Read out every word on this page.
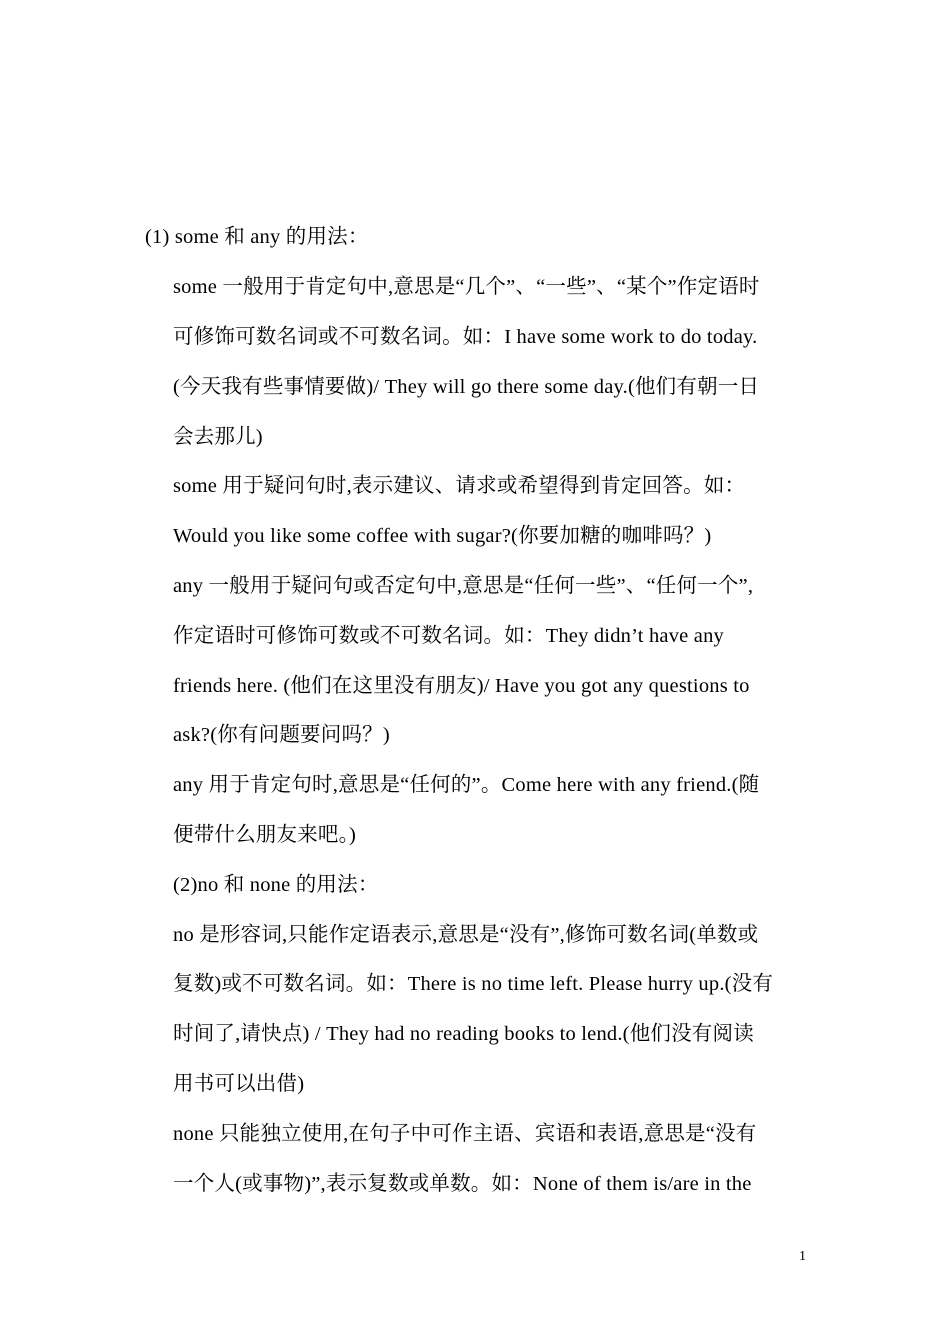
(1) some 和 any 的用法：
some 一般用于肯定句中,意思是“几个”、“一些”、“某个”作定语时
可修饰可数名词或不可数名词。如：I have some work to do today.
(今天我有些事情要做)/ They will go there some day.(他们有朝一日
会去那儿)
some 用于疑问句时,表示建议、请求或希望得到肯定回答。如：
Would you like some coffee with sugar?(你要加糖的咖啡吗？)
any 一般用于疑问句或否定句中,意思是“任何一些”、“任何一个”,
作定语时可修饰可数或不可数名词。如：They didn’t have any
friends here. (他们在这里没有朋友)/ Have you got any questions to
ask?(你有问题要问吗？)
any 用于肯定句时,意思是“任何的”。Come here with any friend.(随
便带什么朋友来吧。)
(2)no 和 none 的用法：
no 是形容词,只能作定语表示,意思是“没有”,修饰可数名词(单数或
复数)或不可数名词。如：There is no time left. Please hurry up.(没有
时间了,请快点) / They had no reading books to lend.(他们没有阅读
用书可以出借)
none 只能独立使用,在句子中可作主语、宾语和表语,意思是“没有
一个人(或事物)”,表示复数或单数。如：None of them is/are in the
1
